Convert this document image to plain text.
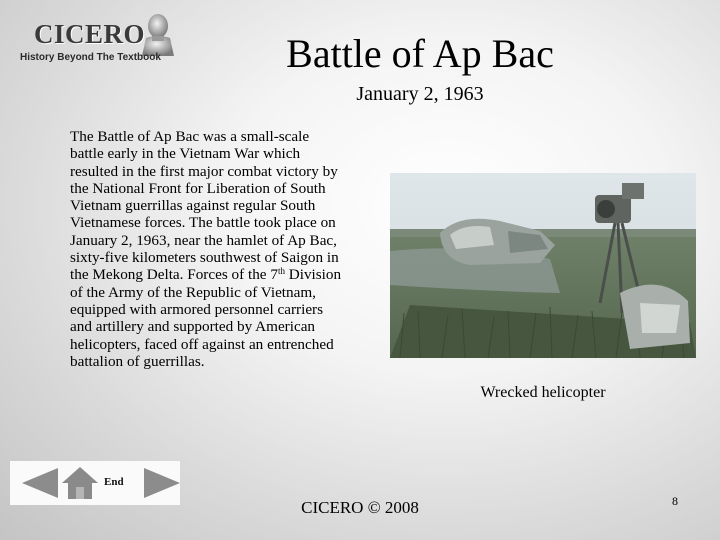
CICERO
History Beyond The Textbook	Battle of Ap Bac
January 2, 1963
The Battle of Ap Bac was a small-scale battle early in the Vietnam War which resulted in the first major combat victory by the National Front for Liberation of South Vietnam guerrillas against regular South Vietnamese forces. The battle took place on January 2, 1963, near the hamlet of Ap Bac, sixty-five kilometers southwest of Saigon in the Mekong Delta. Forces of the 7th Division of the Army of the Republic of Vietnam, equipped with armored personnel carriers and artillery and supported by American helicopters, faced off against an entrenched battalion of guerrillas.
Wrecked helicopter
End
CICERO © 2008	8
